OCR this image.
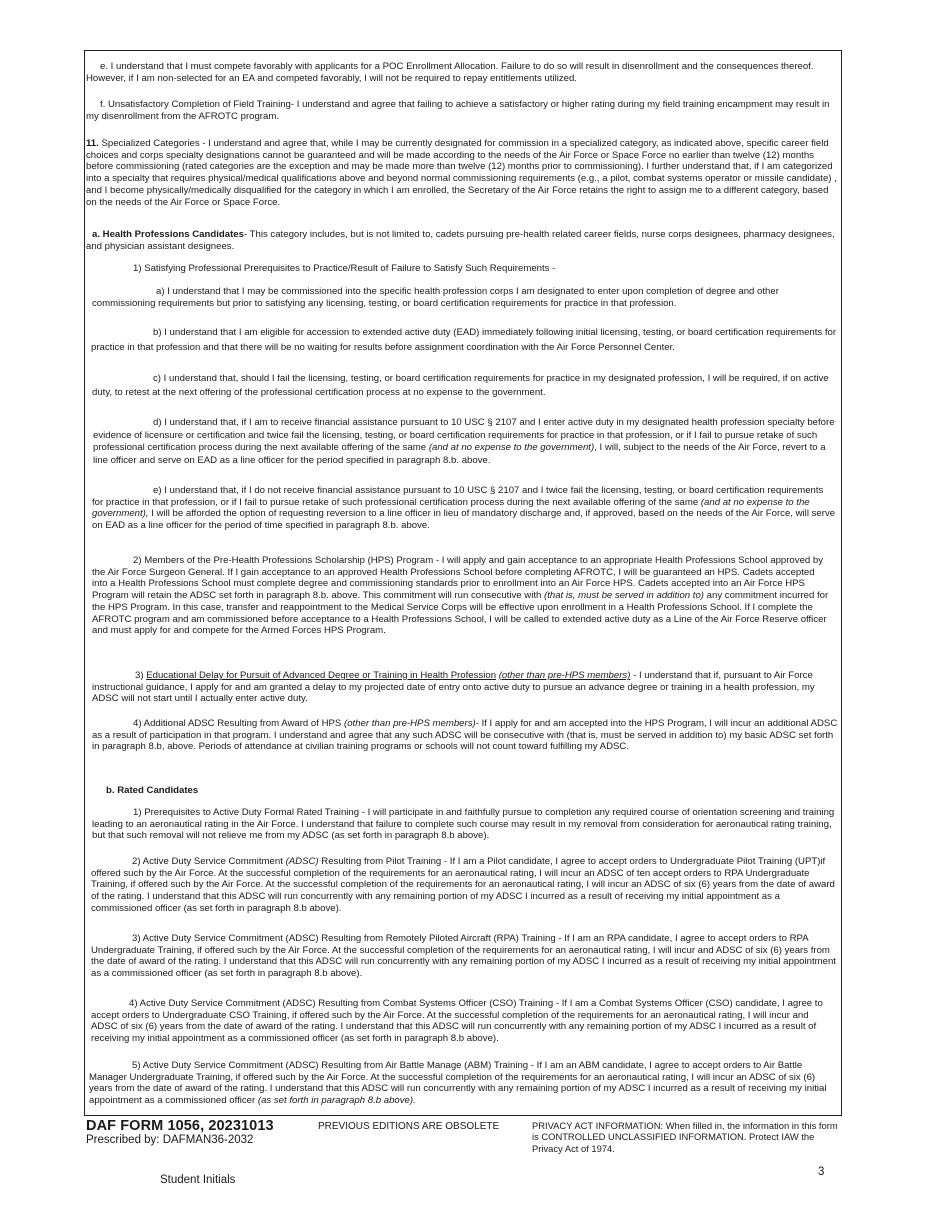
e. I understand that I must compete favorably with applicants for a POC Enrollment Allocation. Failure to do so will result in disenrollment and the consequences thereof. However, if I am non-selected for an EA and competed favorably, I will not be required to repay entitlements utilized.

f. Unsatisfactory Completion of Field Training- I understand and agree that failing to achieve a satisfactory or higher rating during my field training encampment may result in my disenrollment from the AFROTC program.

11. Specialized Categories - I understand and agree that, while I may be currently designated for commission in a specialized category, as indicated above, specific career field choices and corps specialty designations cannot be guaranteed and will be made according to the needs of the Air Force or Space Force no earlier than twelve (12) months before commissioning (rated categories are the exception and may be made more than twelve (12) months prior to commissioning). I further understand that, if I am categorized into a specialty that requires physical/medical qualifications above and beyond normal commissioning requirements (e.g., a pilot, combat systems operator or missile candidate) , and I become physically/medically disqualified for the category in which I am enrolled, the Secretary of the Air Force retains the right to assign me to a different category, based on the needs of the Air Force or Space Force.

a. Health Professions Candidates- This category includes, but is not limited to, cadets pursuing pre-health related career fields, nurse corps designees, pharmacy designees, and physician assistant designees.

1) Satisfying Professional Prerequisites to Practice/Result of Failure to Satisfy Such Requirements -

a) I understand that I may be commissioned into the specific health profession corps I am designated to enter upon completion of degree and other commissioning requirements but prior to satisfying any licensing, testing, or board certification requirements for practice in that profession.

b) I understand that I am eligible for accession to extended active duty (EAD) immediately following initial licensing, testing, or board certification requirements for practice in that profession and that there will be no waiting for results before assignment coordination with the Air Force Personnel Center.

c) I understand that, should I fail the licensing, testing, or board certification requirements for practice in my designated profession, I will be required, if on active duty, to retest at the next offering of the professional certification process at no expense to the government.

d) I understand that, if I am to receive financial assistance pursuant to 10 USC § 2107 and I enter active duty in my designated health profession specialty before evidence of licensure or certification and twice fail the licensing, testing, or board certification requirements for practice in that profession, or if I fail to pursue retake of such professional certification process during the next available offering of the same (and at no expense to the government), I will, subject to the needs of the Air Force, revert to a line officer and serve on EAD as a line officer for the period specified in paragraph 8.b. above.

e) I understand that, if I do not receive financial assistance pursuant to 10 USC § 2107 and I twice fail the licensing, testing, or board certification requirements for practice in that profession, or if I fail to pursue retake of such professional certification process during the next available offering of the same (and at no expense to the government), I will be afforded the option of requesting reversion to a line officer in lieu of mandatory discharge and, if approved, based on the needs of the Air Force, will serve on EAD as a line officer for the period of time specified in paragraph 8.b. above.

2) Members of the Pre-Health Professions Scholarship (HPS) Program - I will apply and gain acceptance to an appropriate Health Professions School approved by the Air Force Surgeon General. If I gain acceptance to an approved Health Professions School before completing AFROTC, I will be guaranteed an HPS. Cadets accepted into a Health Professions School must complete degree and commissioning standards prior to enrollment into an Air Force HPS. Cadets accepted into an Air Force HPS Program will retain the ADSC set forth in paragraph 8.b. above. This commitment will run consecutive with (that is, must be served in addition to) any commitment incurred for the HPS Program. In this case, transfer and reappointment to the Medical Service Corps will be effective upon enrollment in a Health Professions School. If I complete the AFROTC program and am commissioned before acceptance to a Health Professions School, I will be called to extended active duty as a Line of the Air Force Reserve officer and must apply for and compete for the Armed Forces HPS Program.

3) Educational Delay for Pursuit of Advanced Degree or Training in Health Profession (other than pre-HPS members) - I understand that if, pursuant to Air Force instructional guidance, I apply for and am granted a delay to my projected date of entry onto active duty to pursue an advance degree or training in a health profession, my ADSC will not start until I actually enter active duty.

4) Additional ADSC Resulting from Award of HPS (other than pre-HPS members)- If I apply for and am accepted into the HPS Program, I will incur an additional ADSC as a result of participation in that program. I understand and agree that any such ADSC will be consecutive with (that is, must be served in addition to) my basic ADSC set forth in paragraph 8.b, above. Periods of attendance at civilian training programs or schools will not count toward fulfilling my ADSC.

b. Rated Candidates

1) Prerequisites to Active Duty Formal Rated Training - I will participate in and faithfully pursue to completion any required course of orientation screening and training leading to an aeronautical rating in the Air Force. I understand that failure to complete such course may result in my removal from consideration for aeronautical rating training, but that such removal will not relieve me from my ADSC (as set forth in paragraph 8.b above).

2) Active Duty Service Commitment (ADSC) Resulting from Pilot Training - If I am a Pilot candidate, I agree to accept orders to Undergraduate Pilot Training (UPT)if offered such by the Air Force. At the successful completion of the requirements for an aeronautical rating, I will incur an ADSC of ten accept orders to RPA Undergraduate Training, if offered such by the Air Force. At the successful completion of the requirements for an aeronautical rating, I will incur an ADSC of six (6) years from the date of award of the rating. I understand that this ADSC will run concurrently with any remaining portion of my ADSC I incurred as a result of receiving my initial appointment as a commissioned officer (as set forth in paragraph 8.b above).

3) Active Duty Service Commitment (ADSC) Resulting from Remotely Piloted Aircraft (RPA) Training - If I am an RPA candidate, I agree to accept orders to RPA Undergraduate Training, if offered such by the Air Force. At the successful completion of the requirements for an aeronautical rating, I will incur and ADSC of six (6) years from the date of award of the rating. I understand that this ADSC will run concurrently with any remaining portion of my ADSC I incurred as a result of receiving my initial appointment as a commissioned officer (as set forth in paragraph 8.b above).

4) Active Duty Service Commitment (ADSC) Resulting from Combat Systems Officer (CSO) Training - If I am a Combat Systems Officer (CSO) candidate, I agree to accept orders to Undergraduate CSO Training, if offered such by the Air Force. At the successful completion of the requirements for an aeronautical rating, I will incur and ADSC of six (6) years from the date of award of the rating. I understand that this ADSC will run concurrently with any remaining portion of my ADSC I incurred as a result of receiving my initial appointment as a commissioned officer (as set forth in paragraph 8.b above).

5) Active Duty Service Commitment (ADSC) Resulting from Air Battle Manage (ABM) Training - If I am an ABM candidate, I agree to accept orders to Air Battle Manager Undergraduate Training, if offered such by the Air Force. At the successful completion of the requirements for an aeronautical rating, I will incur an ADSC of six (6) years from the date of award of the rating. I understand that this ADSC will run concurrently with any remaining portion of my ADSC I incurred as a result of receiving my initial appointment as a commissioned officer (as set forth in paragraph 8.b above).

DAF FORM 1056, 20231013
Prescribed by: DAFMAN36-2032
PREVIOUS EDITIONS ARE OBSOLETE	PRIVACY ACT INFORMATION: When filled in, the information in this form is CONTROLLED UNCLASSIFIED INFORMATION. Protect IAW the Privacy Act of 1974.
3
Student Initials
